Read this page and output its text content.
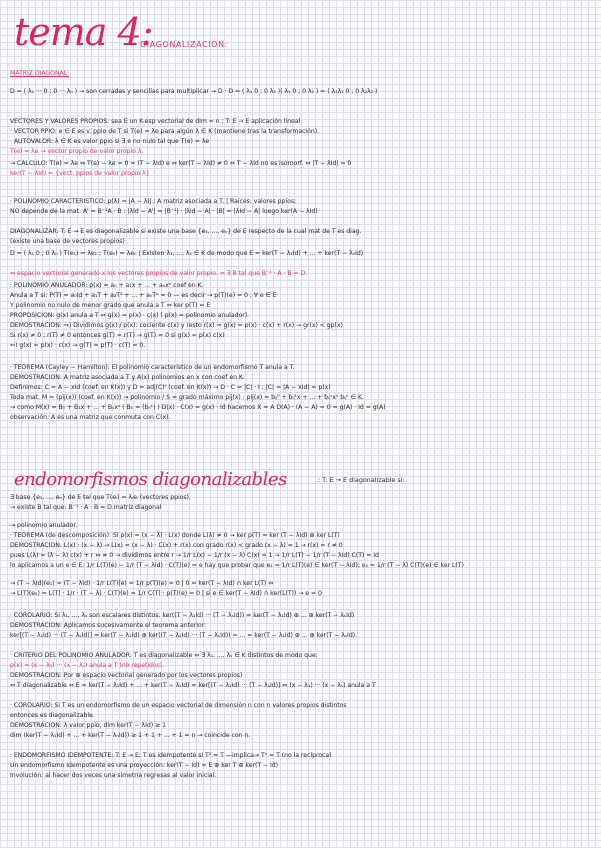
tema 4:
DIAGONALIZACIÓN:
MATRIZ DIAGONAL:
D = ( λ₁ ··· 0 ; 0 ··· λₙ ) → son cerradas y sencillas para multiplicar → D · D̄ = ( λ₁ 0 ; 0 λ₂ )( λ̄₁ 0 ; 0 λ̄₂ ) = ( λ₁λ̄₁ 0 ; 0 λ₂λ̄₂ )
VECTORES Y VALORES PROPIOS: sea E un K-esp vectorial de dim = n ; T: E → E aplicación lineal
· VECTOR PPIO: e ∈ E es v. ppio de T si T(e) = λe para algún λ ∈ K (mantiene tras la transformación).
· AUTOVALOR: λ ∈ K es valor ppio si ∃ e no nulo tal que T(e) = λe
T(e) = λe → vector propio de valor propio λ.
→ CÁLCULO: T(e) = λe ⇔ T(e) − λe = 0 = (T − λId) e ⇔ ker(T − λId) ≠ 0 ⇔ T − λId no es isomorf. ⇔ |T − λId| = 0
ker(T − λId) = {vect. ppios de valor propio λ}
· POLINOMIO CARACTERÍSTICO: p(λ) = |A − λI| ; A matriz asociada a T. | Raíces: valores ppios;
NO depende de la mat. A' = B⁻¹A · B : |λId − A'| = |B⁻¹| · |λId − A| · |B| = |λId − A| luego ker(A − λId)
DIAGONALIZAR: T: E → E es diagonalizable si existe una base {e₁, ..., eₙ} de E respecto de la cual mat de T es diag.
(existe una base de vectores propios)
D = ( λ₁ 0 ; 0 λₙ ) T(e₁) = λe₁ ; T(eₙ) = λeₙ | Existen λ₁, ..., λₙ ∈ K de modo que E = ker(T − λ₁Id) + ... + ker(T − λₙId)
⇔ espacio vectorial generado x los vectores propios de valor propio. ⇔ ∃ B tal que B⁻¹ · A · B = D.
· POLINOMIO ANULADOR: p(x) = a₀ + a₁x + ... + aₙxⁿ coef en K.
Anula a T si: P(T) = a₀Id + a₁T + a₂T² + ... + aₙTⁿ = 0 — es decir → p(T)(e) = 0 ; ∀ e ∈ E
Y polinomio no nulo de menor grado que anula a T ⇔ ker p(T) = E
PROPOSICIÓN: g(x) anula a T ⇔ g(x) = p(x) · c(x) ( p(x) = polinomio anulador).
DEMOSTRACIÓN: ⇒) Dividimos g(x) / p(x): cociente c(x) y resto r(x) ⇒ g(x) = p(x) · c(x) + r(x) → gr(x) < gp(x)
Si r(x) ≠ 0 ; r(T) ≠ 0 entonces g(T) = r(T) → g(T) = 0 si g(x) = p(x) c(x)
⇐) g(x) = p(x) · c(x) → g(T) = p(T) · c(T) = 0.
· TEOREMA (Cayley − Hamilton): El polinomio característico de un endomorfismo T anula a T.
DEMOSTRACIÓN: A matriz asociada a T y A(x) polinomios en x con coef en K.
Definimos: C = A − xId (coef. en K(x)) y D = adj(C)ᵗ (coef. en K(x)) → D · C = |C| · I ; |C| = |A − xId| = p(x)
Toda mat. M = (pij(x)) (coef. en K(x)) → polinomio / S = grado máximo pij(x) : pij(x) = bᵢⱼ⁰ + bᵢⱼ¹x + ... + bᵢⱼˢxˢ bᵢⱼᵏ ∈ K.
→ como M(x) = B₀ + B₁x + ... + Bₛxˢ ( Bₖ = (bᵢⱼᵏ) ) D(x) · C(x) = g(x) · Id hacemos X = A D(A) · (A − A) = 0 = g(A) · Id = g(A)
observación: A es una matriz que conmuta con C(x).
∃ base {e₁, ..., eₙ} de E tal que T(eᵢ) = λᵢeᵢ (vectores ppios).
→ existe B tal que: B⁻¹ · A · B = D matriz diagonal
→ polinomio anulador.
· TEOREMA (de descomposición): Si p(x) = (x − λ) · L(x) donde L(λ) ≠ 0 → ker p(T) = ker (T − λId) ⊕ ker L(T)
DEMOSTRACIÓN: L(x) · (x − λ) → L(x) = (x − λ) · C(x) + r(x) con grado r(x) < grado (x − λ) = 1 → r(x) = r ≠ 0
pues L(λ) = (λ − λ) c(x) + r ⇔ ≠ 0 → dividimos entre r → 1/r L(x) − 1/r (x − λ) C(x) = 1 → 1/r L(T) − 1/r (T − λId) C(T) = Id
lo aplicamos a un e ∈ E: 1/r L(T)(e) − 1/r (T − λId) · C(T)(e) = e hay que probar que e₁ = 1/r L(T)(e) ∈ ker(T − λId); e₂ = 1/r (T − λ) C(T)(e) ∈ ker L(T)
→ (T − λId)(e₁) = (T − λId) · 1/r L(T)(e) = 1/r p(T)(e) = 0 | 0 = ker(T − λId) ∩ ker L(T) ⇔
→ L(T)(e₂) = L(T) · 1/r · (T − λ) · C(T)(e) = 1/r C(T) · p(T)(e) = 0 | si e ∈ ker(T − λId) ∩ ker(L(T)) → e = 0
· COROLARIO: Si λ₁, ..., λₛ son escalares distintos: ker((T − λ₁Id) ··· (T − λₛId)) = ker(T − λ₁Id) ⊕ ... ⊕ ker(T − λₛId)
DEMOSTRACIÓN: Aplicamos sucesivamente el teorema anterior:
ker[(T − λ₁Id) ··· (T − λₛId)] = ker(T − λ₁Id) ⊕ ker((T − λ₂Id) ··· (T − λₛId)) = ... = ker(T − λ₁Id) ⊕ ... ⊕ ker(T − λₛId).
· CRITERIO DEL POLINOMIO ANULADOR: T es diagonalizable ⇔ ∃ λ₁, ..., λₛ ∈ K distintos de modo que:
p(x) = (x − λ₁) ··· (x − λₛ) anula a T (no repetidos).
DEMOSTRACIÓN: Por ⊕ espacio vectorial generado por los vectores propios)
⇔ T diagonalizable ⇔ E = ker(T − λ₁Id) + ... + ker(T − λₛId) = ker[(T − λ₁Id) ··· (T − λₛId)] ⇔ (x − λ₁) ··· (x − λₛ) anula a T
· COROLARIO: Si T es un endomorfismo de un espacio vectorial de dimensión n con n valores propios distintos
entonces es diagonalizable.
DEMOSTRACIÓN: λ valor ppio, dim ker(T − λId) ≥ 1
dim (ker(T − λ₁Id) + ... + ker(T − λₙId)) ≥ 1 + 1 + ... + 1 = n → coincide con n.
· ENDOMORFISMO IDEMPOTENTE: T: E → E; T es idempotente si T² = T —implica→ Tⁿ = T (no la recíproca)
Un endomorfismo idempotente es una proyección: ker(T − Id) = E ⊕ ker T ⊕ ker(T − Id)
Involución: al hacer dos veces una simetría regresas al valor inicial.
endomorfismos diagonalizables	: T: E → E diagonalizable si:
